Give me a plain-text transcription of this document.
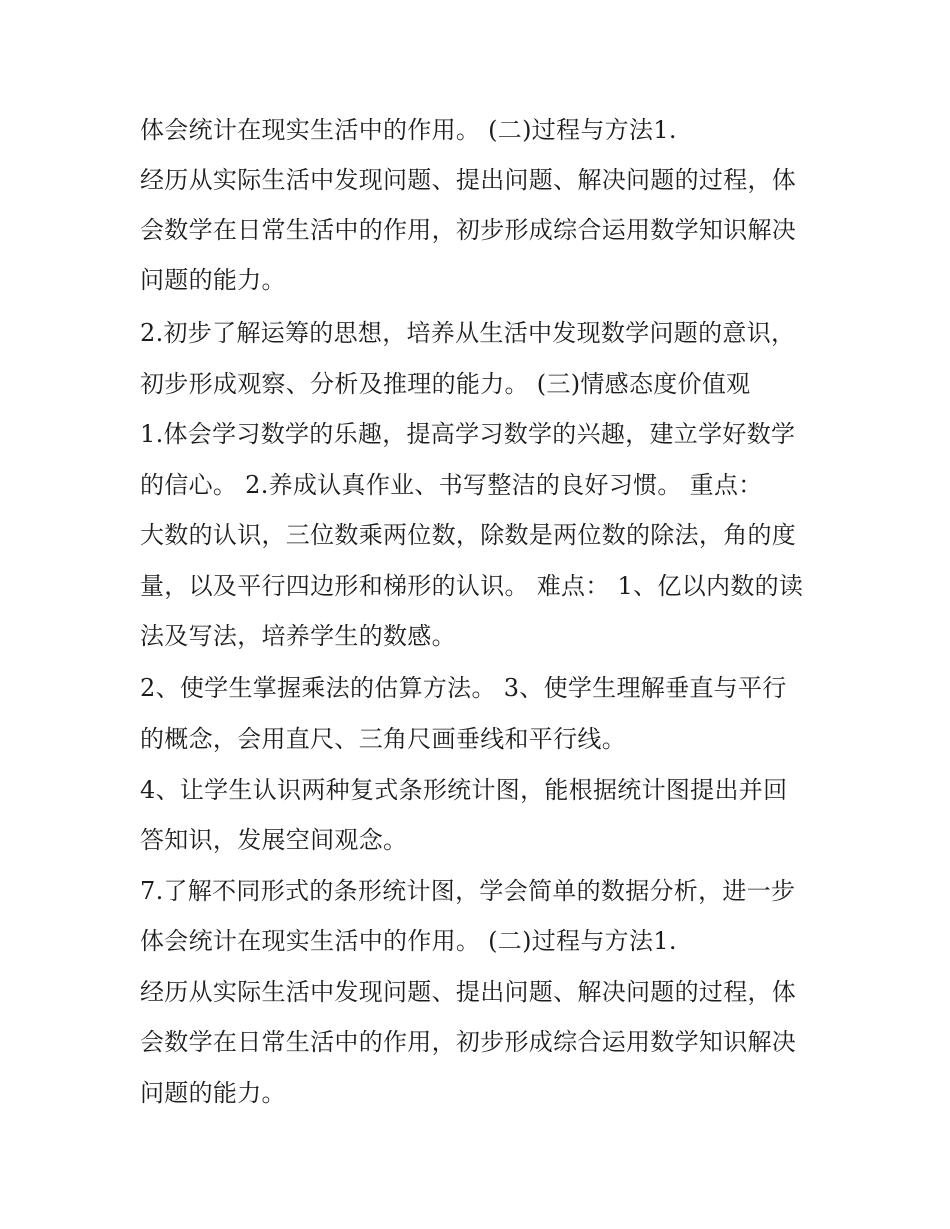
体会统计在现实生活中的作用。 (二)过程与方法1.
经历从实际生活中发现问题、提出问题、解决问题的过程，体
会数学在日常生活中的作用，初步形成综合运用数学知识解决
问题的能力。
2.初步了解运筹的思想，培养从生活中发现数学问题的意识，
初步形成观察、分析及推理的能力。 (三)情感态度价值观
1.体会学习数学的乐趣，提高学习数学的兴趣，建立学好数学
的信心。 2.养成认真作业、书写整洁的良好习惯。 重点：
大数的认识，三位数乘两位数，除数是两位数的除法，角的度
量，以及平行四边形和梯形的认识。 难点： 1、亿以内数的读
法及写法，培养学生的数感。
2、使学生掌握乘法的估算方法。 3、使学生理解垂直与平行
的概念，会用直尺、三角尺画垂线和平行线。
4、让学生认识两种复式条形统计图，能根据统计图提出并回
答知识，发展空间观念。
7.了解不同形式的条形统计图，学会简单的数据分析，进一步
体会统计在现实生活中的作用。 (二)过程与方法1.
经历从实际生活中发现问题、提出问题、解决问题的过程，体
会数学在日常生活中的作用，初步形成综合运用数学知识解决
问题的能力。
